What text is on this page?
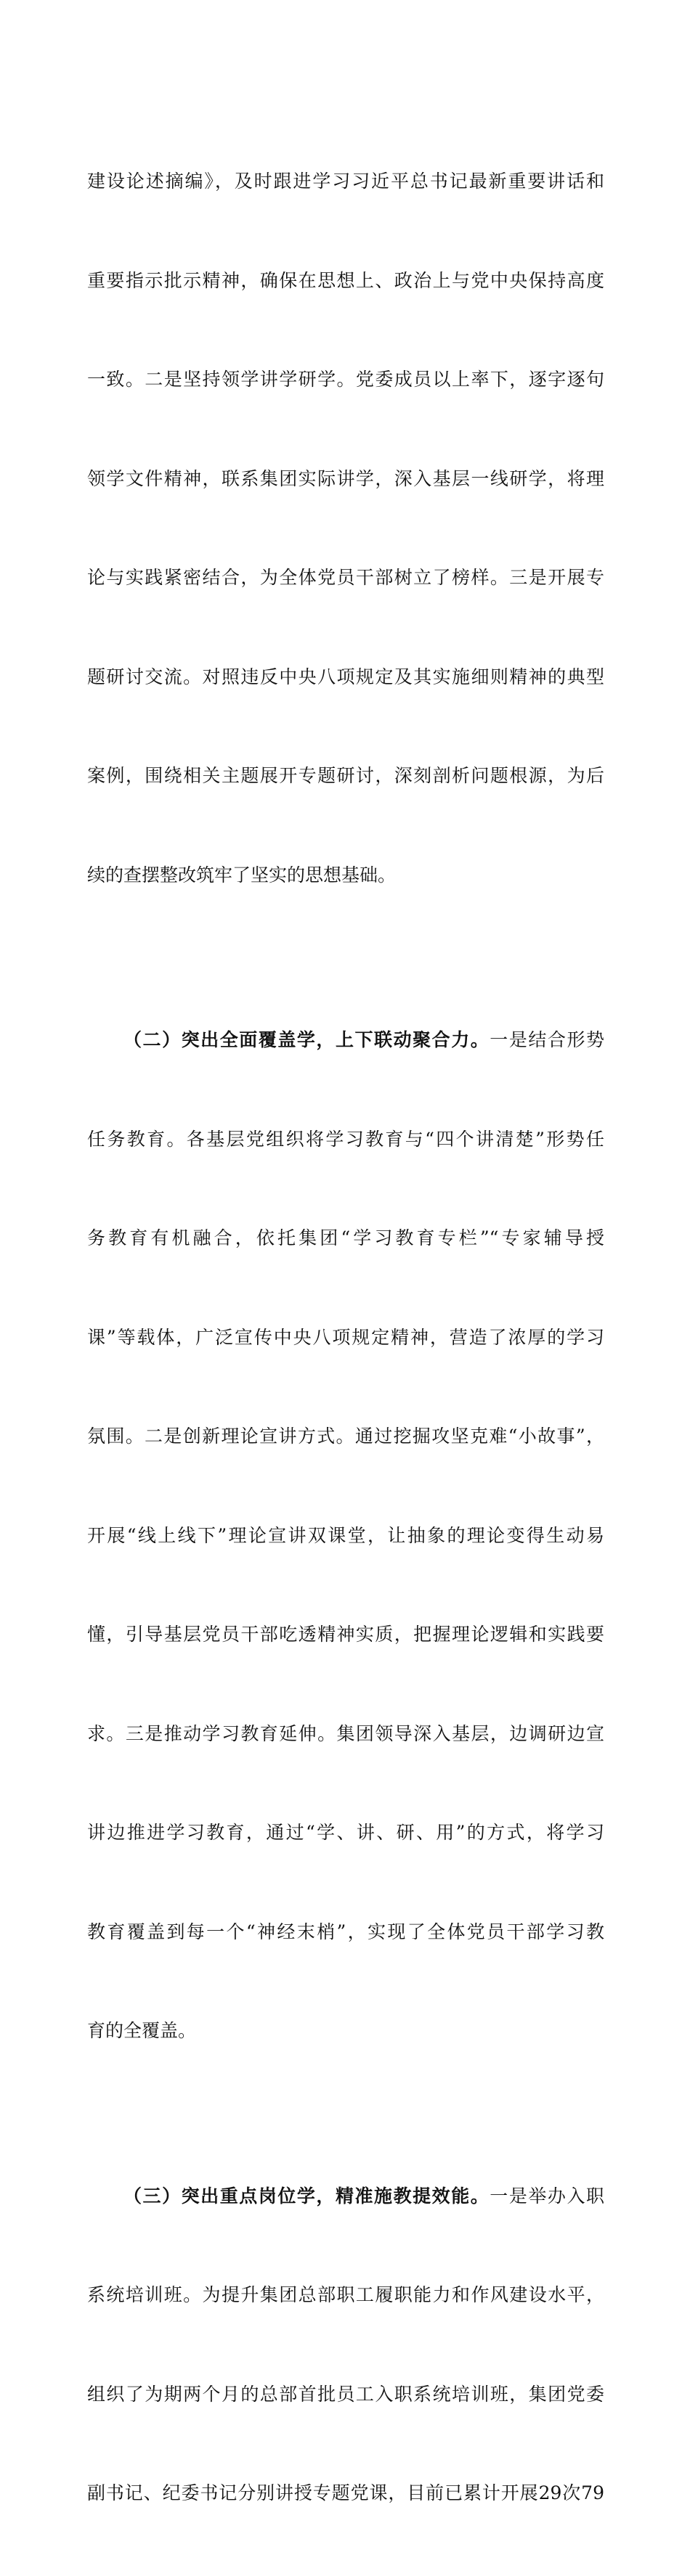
建设论述摘编》，及时跟进学习习近平总书记最新重要讲话和

重要指示批示精神，确保在思想上、政治上与党中央保持高度

一致。二是坚持领学讲学研学。党委成员以上率下，逐字逐句

领学文件精神，联系集团实际讲学，深入基层一线研学，将理

论与实践紧密结合，为全体党员干部树立了榜样。三是开展专

题研讨交流。对照违反中央八项规定及其实施细则精神的典型

案例，围绕相关主题展开专题研讨，深刻剖析问题根源，为后

续的查摆整改筑牢了坚实的思想基础。

（二）突出全面覆盖学，上下联动聚合力。一是结合形势

任务教育。各基层党组织将学习教育与“四个讲清楚”形势任

务教育有机融合，依托集团“学习教育专栏”“专家辅导授

课”等载体，广泛宣传中央八项规定精神，营造了浓厚的学习

氛围。二是创新理论宣讲方式。通过挖掘攻坚克难“小故事”，

开展“线上线下”理论宣讲双课堂，让抽象的理论变得生动易

懂，引导基层党员干部吃透精神实质，把握理论逻辑和实践要

求。三是推动学习教育延伸。集团领导深入基层，边调研边宣

讲边推进学习教育，通过“学、讲、研、用”的方式，将学习

教育覆盖到每一个“神经末梢”，实现了全体党员干部学习教

育的全覆盖。

（三）突出重点岗位学，精准施教提效能。一是举办入职

系统培训班。为提升集团总部职工履职能力和作风建设水平，

组织了为期两个月的总部首批员工入职系统培训班，集团党委

副书记、纪委书记分别讲授专题党课，目前已累计开展29次79
